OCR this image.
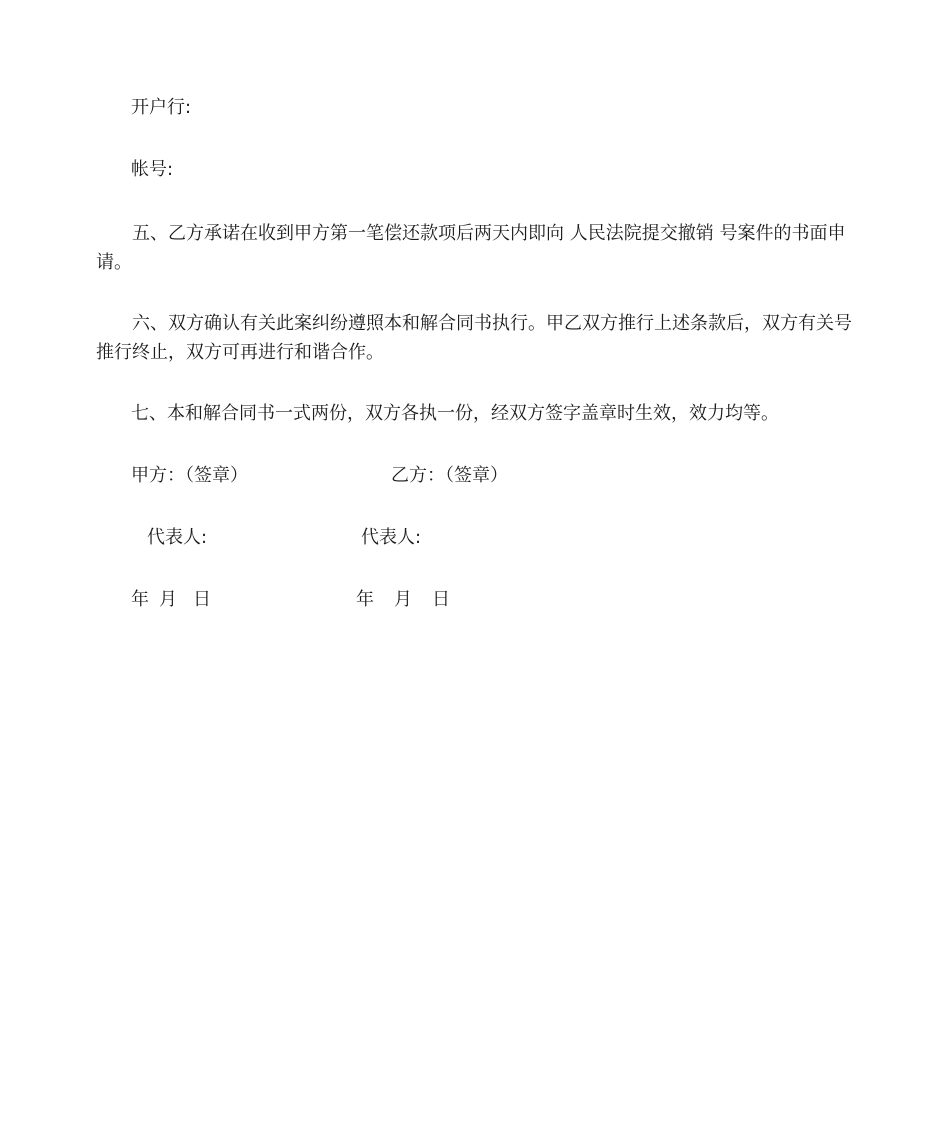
开户行:
帐号:
五、乙方承诺在收到甲方第一笔偿还款项后两天内即向 人民法院提交撤销 号案件的书面申请。
六、双方确认有关此案纠纷遵照本和解合同书执行。甲乙双方推行上述条款后，双方有关号推行终止，双方可再进行和谐合作。
七、本和解合同书一式两份，双方各执一份，经双方签字盖章时生效，效力均等。
甲方：（签章）
代表人:
年 月 日
乙方：（签章）
代表人:
年 月 日
